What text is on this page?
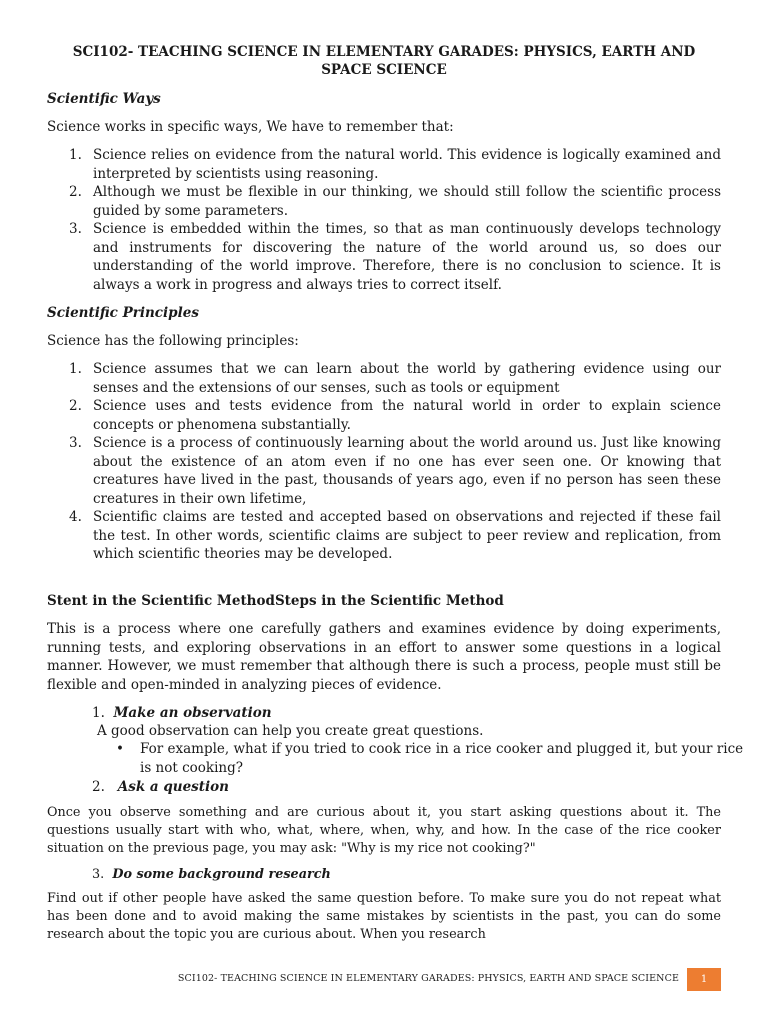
SCI102- TEACHING SCIENCE IN ELEMENTARY GARADES: PHYSICS, EARTH AND SPACE SCIENCE
Scientific Ways

Science works in specific ways, We have to remember that:

1. Science relies on evidence from the natural world. This evidence is logically examined and interpreted by scientists using reasoning.
2. Although we must be flexible in our thinking, we should still follow the scientific process guided by some parameters.
3. Science is embedded within the times, so that as man continuously develops technology and instruments for discovering the nature of the world around us, so does our understanding of the world improve. Therefore, there is no conclusion to science. It is always a work in progress and always tries to correct itself.
Scientific Principles

Science has the following principles:

1. Science assumes that we can learn about the world by gathering evidence using our senses and the extensions of our senses, such as tools or equipment
2. Science uses and tests evidence from the natural world in order to explain science concepts or phenomena substantially.
3. Science is a process of continuously learning about the world around us. Just like knowing about the existence of an atom even if no one has ever seen one. Or knowing that creatures have lived in the past, thousands of years ago, even if no person has seen these creatures in their own lifetime,
4. Scientific claims are tested and accepted based on observations and rejected if these fail the test. In other words, scientific claims are subject to peer review and replication, from which scientific theories may be developed.
Stent in the Scientific MethodSteps in the Scientific Method

This is a process where one carefully gathers and examines evidence by doing experiments, running tests, and exploring observations in an effort to answer some questions in a logical manner. However, we must remember that although there is such a process, people must still be flexible and open-minded in analyzing pieces of evidence.

1. Make an observation

A good observation can help you create great questions.

• For example, what if you tried to cook rice in a rice cooker and plugged it, but your rice is not cooking?
2. Ask a question

Once you observe something and are curious about it, you start asking questions about it. The questions usually start with who, what, where, when, why, and how. In the case of the rice cooker situation on the previous page, you may ask: "Why is my rice not cooking?"

3. Do some background research

Find out if other people have asked the same question before. To make sure you do not repeat what has been done and to avoid making the same mistakes by scientists in the past, you can do some research about the topic you are curious about. When you research

SCI102- TEACHING SCIENCE IN ELEMENTARY GARADES: PHYSICS, EARTH AND SPACE SCIENCE	1
